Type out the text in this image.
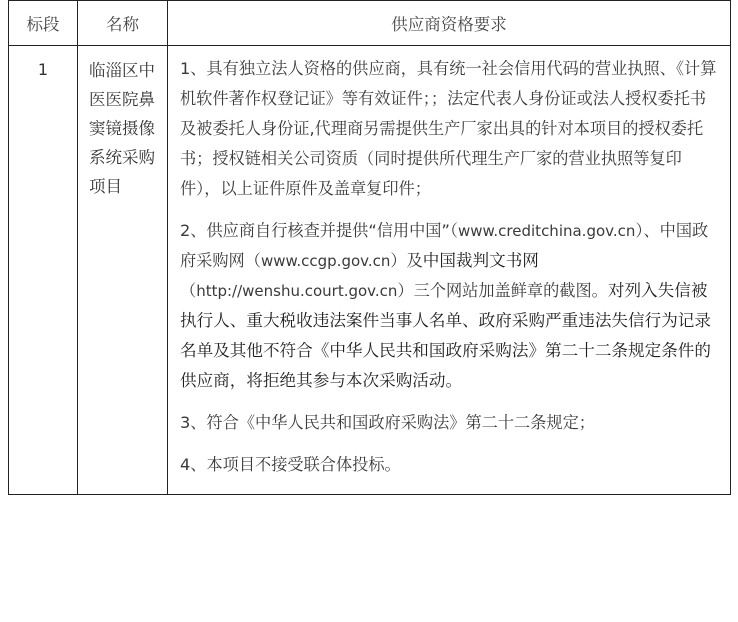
标段	名称	供应商资格要求
1	临淄区中医医院鼻窦镜摄像系统采购项目	1、具有独立法人资格的供应商，具有统一社会信用代码的营业执照、《计算机软件著作权登记证》等有效证件；；法定代表人身份证或法人授权委托书及被委托人身份证,代理商另需提供生产厂家出具的针对本项目的授权委托书；授权链相关公司资质（同时提供所代理生产厂家的营业执照等复印件），以上证件原件及盖章复印件；

2、供应商自行核查并提供“信用中国”（www.creditchina.gov.cn）、中国政府采购网（www.ccgp.gov.cn）及中国裁判文书网（http://wenshu.court.gov.cn）三个网站加盖鲜章的截图。对列入失信被执行人、重大税收违法案件当事人名单、政府采购严重违法失信行为记录名单及其他不符合《中华人民共和国政府采购法》第二十二条规定条件的供应商，将拒绝其参与本次采购活动。

3、符合《中华人民共和国政府采购法》第二十二条规定；

4、本项目不接受联合体投标。
